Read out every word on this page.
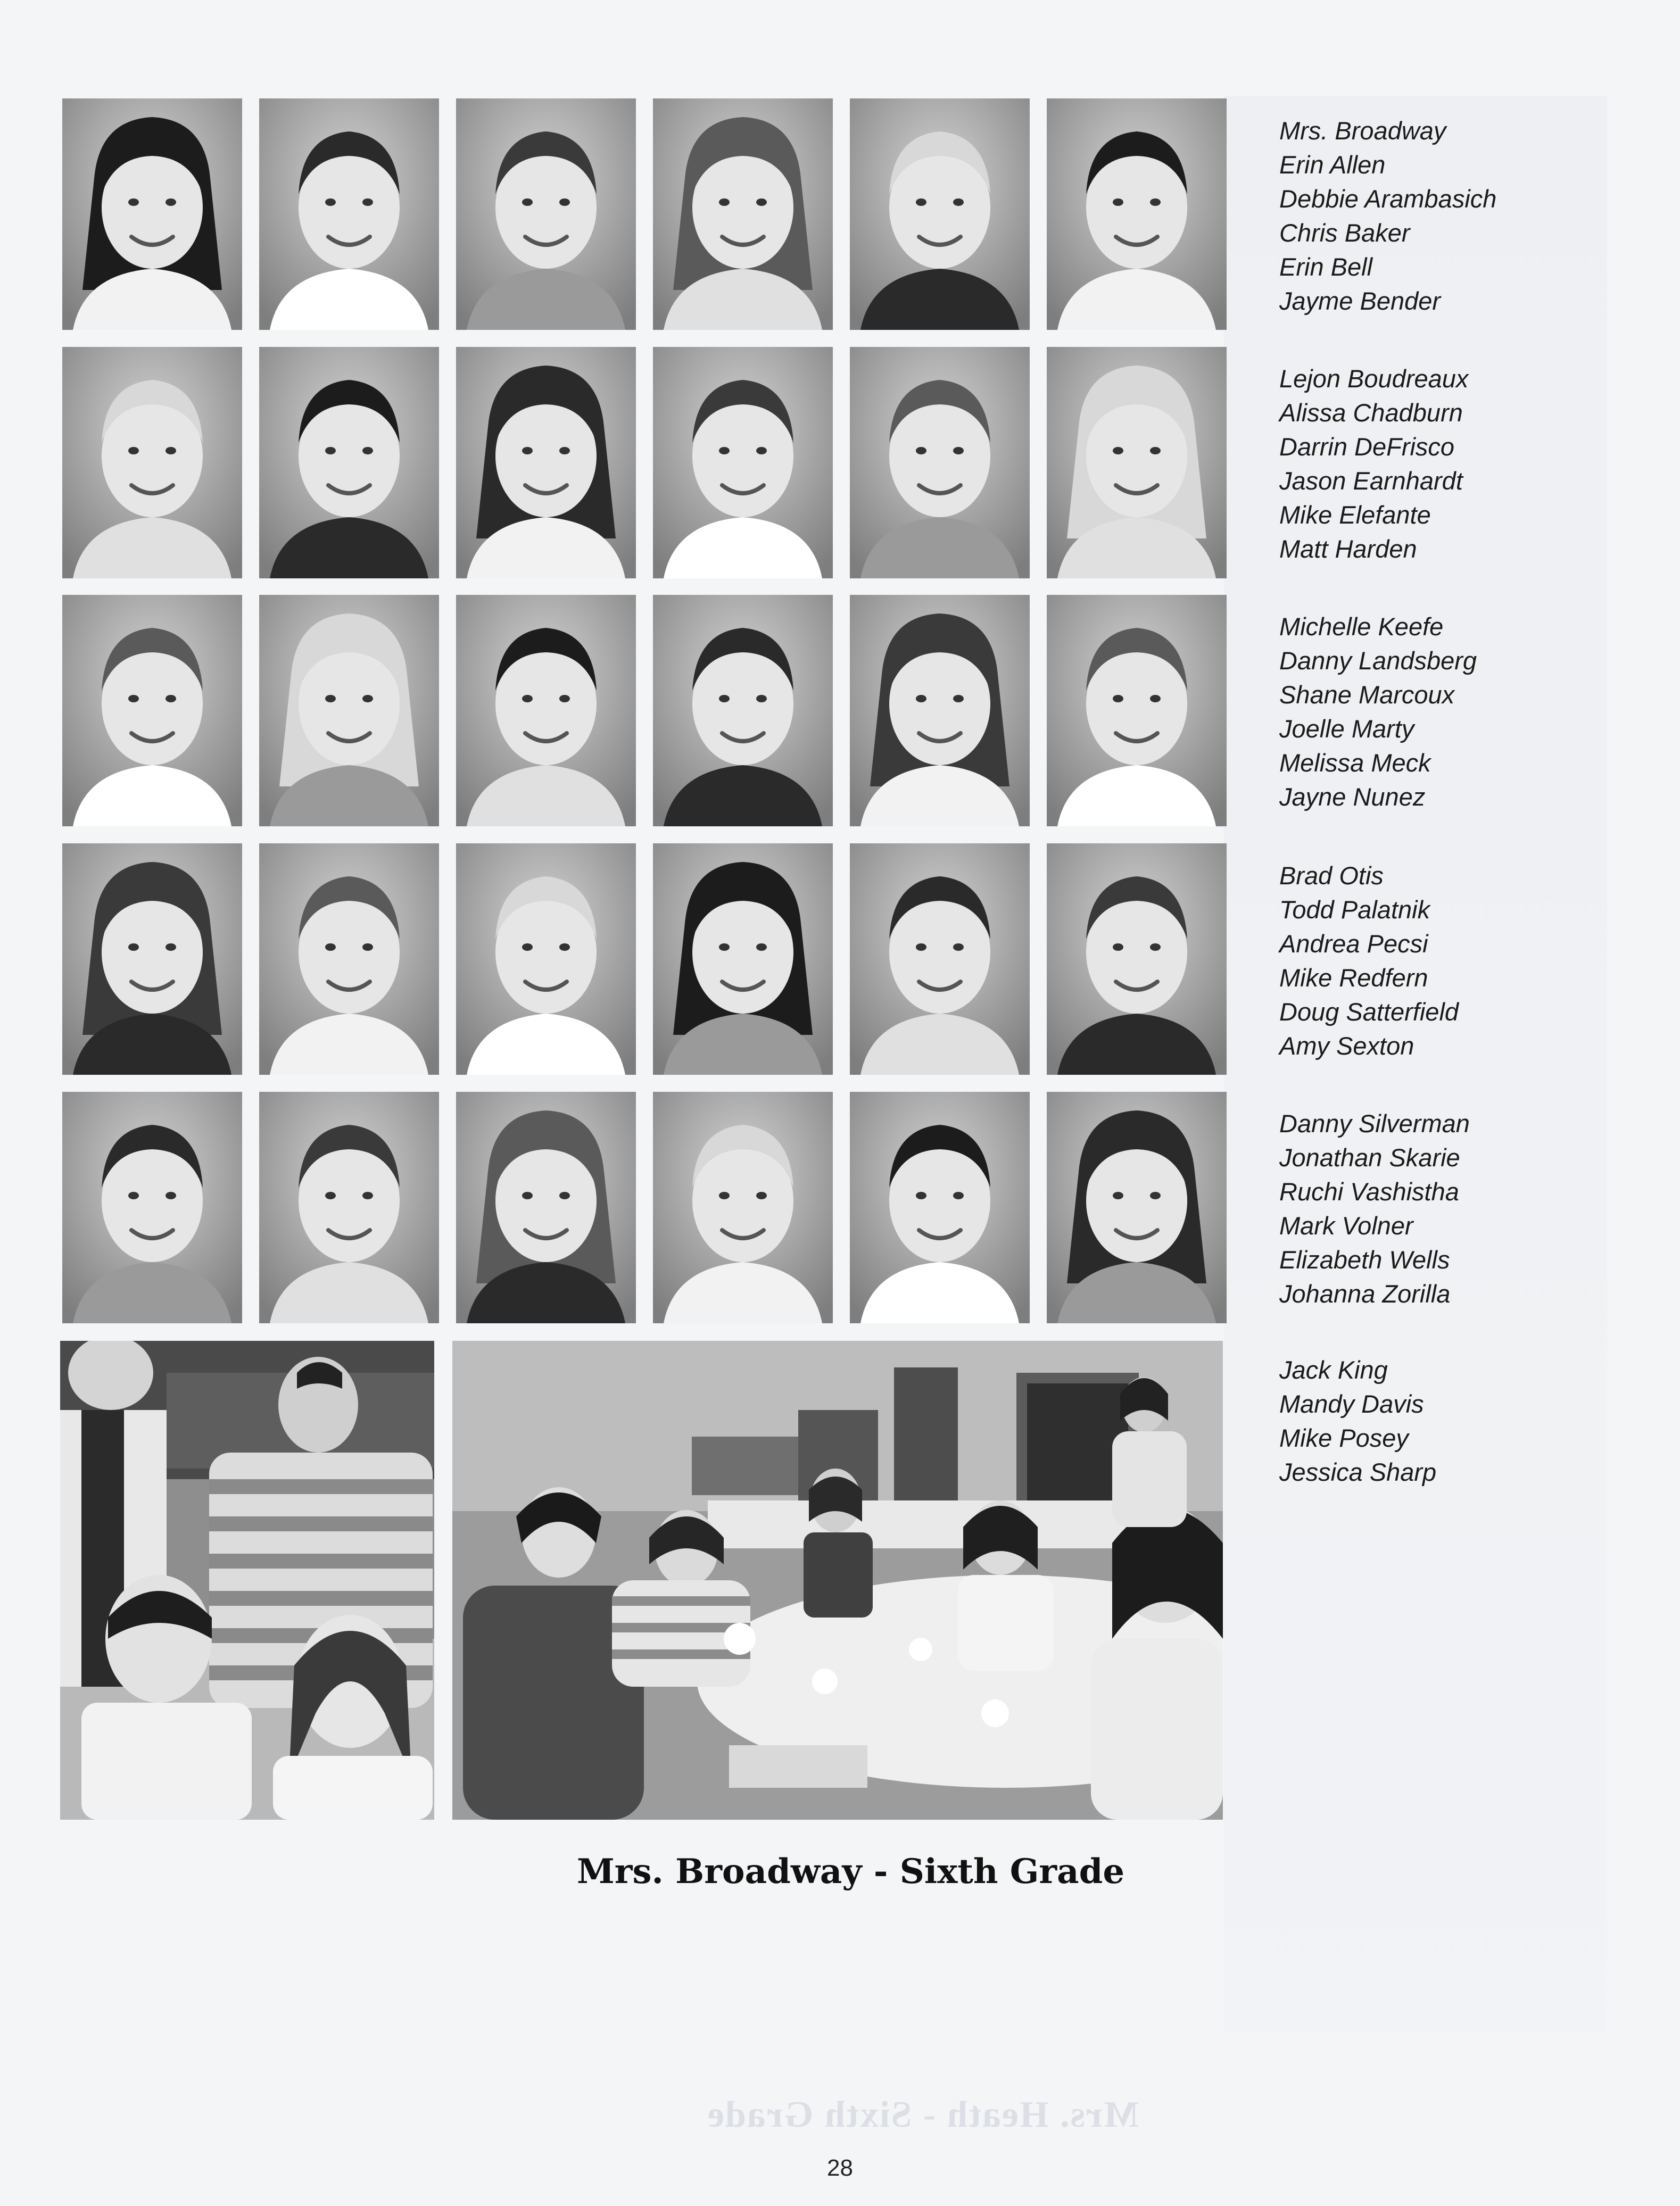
Mrs. Heath - Sixth Grade
Mrs. Broadway
Erin Allen
Debbie Arambasich
Chris Baker
Erin Bell
Jayme Bender
Lejon Boudreaux
Alissa Chadburn
Darrin DeFrisco
Jason Earnhardt
Mike Elefante
Matt Harden
Michelle Keefe
Danny Landsberg
Shane Marcoux
Joelle Marty
Melissa Meck
Jayne Nunez
Brad Otis
Todd Palatnik
Andrea Pecsi
Mike Redfern
Doug Satterfield
Amy Sexton
Danny Silverman
Jonathan Skarie
Ruchi Vashistha
Mark Volner
Elizabeth Wells
Johanna Zorilla
Jack King
Mandy Davis
Mike Posey
Jessica Sharp
Mrs. Broadway - Sixth Grade
28
